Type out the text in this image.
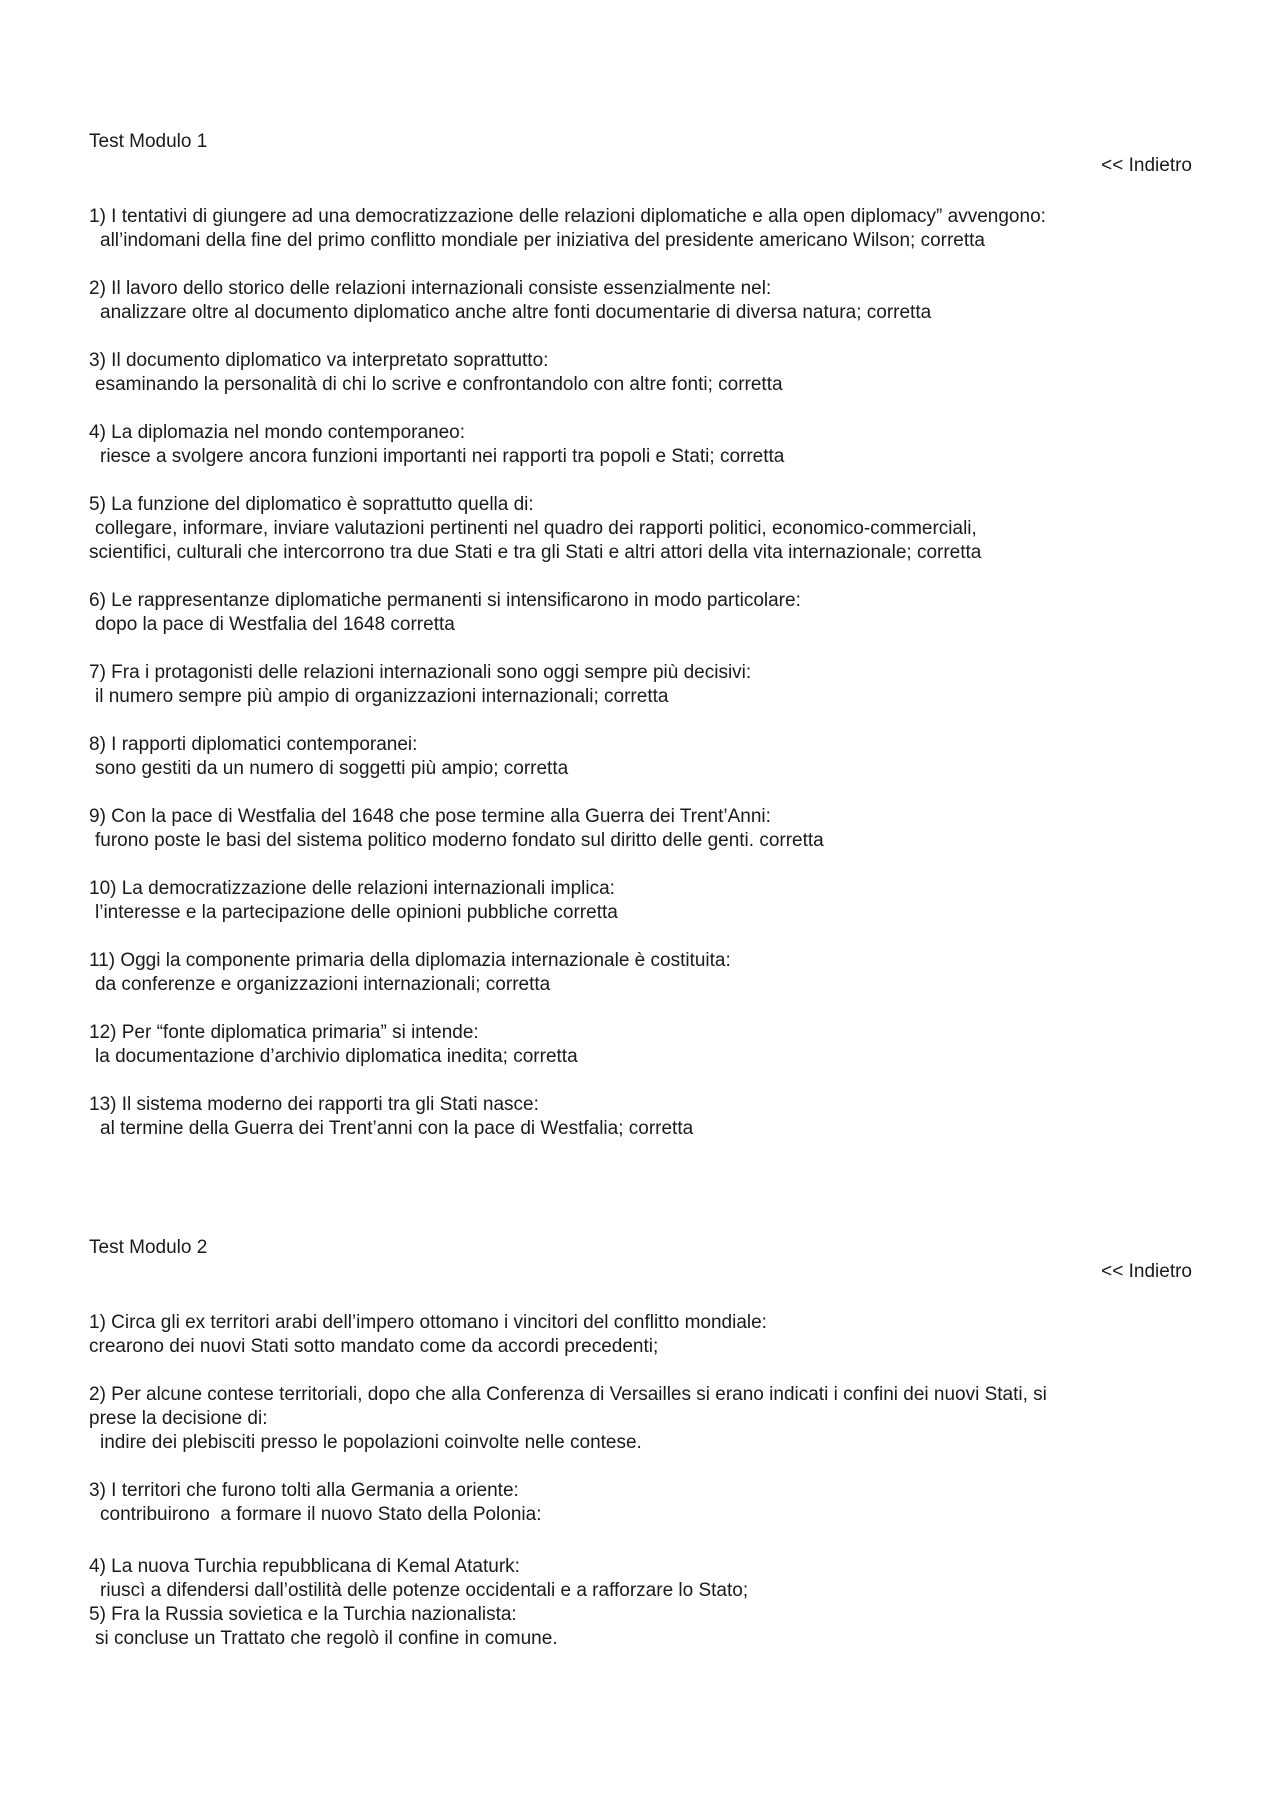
Test Modulo 1
<< Indietro

1) I tentativi di giungere ad una democratizzazione delle relazioni diplomatiche e alla open diplomacy” avvengono:

all’indomani della fine del primo conflitto mondiale per iniziativa del presidente americano Wilson; corretta

2) Il lavoro dello storico delle relazioni internazionali consiste essenzialmente nel:

analizzare oltre al documento diplomatico anche altre fonti documentarie di diversa natura; corretta

3) Il documento diplomatico va interpretato soprattutto:

esaminando la personalità di chi lo scrive e confrontandolo con altre fonti; corretta

4) La diplomazia nel mondo contemporaneo:

riesce a svolgere ancora funzioni importanti nei rapporti tra popoli e Stati; corretta

5) La funzione del diplomatico è soprattutto quella di:

collegare, informare, inviare valutazioni pertinenti nel quadro dei rapporti politici, economico-commerciali,

scientifici, culturali che intercorrono tra due Stati e tra gli Stati e altri attori della vita internazionale; corretta

6) Le rappresentanze diplomatiche permanenti si intensificarono in modo particolare:

dopo la pace di Westfalia del 1648 corretta

7) Fra i protagonisti delle relazioni internazionali sono oggi sempre più decisivi:

il numero sempre più ampio di organizzazioni internazionali; corretta

8) I rapporti diplomatici contemporanei:

sono gestiti da un numero di soggetti più ampio; corretta

9) Con la pace di Westfalia del 1648 che pose termine alla Guerra dei Trent’Anni:

furono poste le basi del sistema politico moderno fondato sul diritto delle genti. corretta

10) La democratizzazione delle relazioni internazionali implica:

l’interesse e la partecipazione delle opinioni pubbliche corretta

11) Oggi la componente primaria della diplomazia internazionale è costituita:

da conferenze e organizzazioni internazionali; corretta

12) Per “fonte diplomatica primaria” si intende:

la documentazione d’archivio diplomatica inedita; corretta

13) Il sistema moderno dei rapporti tra gli Stati nasce:

al termine della Guerra dei Trent’anni con la pace di Westfalia; corretta

Test Modulo 2
<< Indietro

1) Circa gli ex territori arabi dell’impero ottomano i vincitori del conflitto mondiale:

crearono dei nuovi Stati sotto mandato come da accordi precedenti;

2) Per alcune contese territoriali, dopo che alla Conferenza di Versailles si erano indicati i confini dei nuovi Stati, si

prese la decisione di:

indire dei plebisciti presso le popolazioni coinvolte nelle contese.

3) I territori che furono tolti alla Germania a oriente:

contribuirono  a formare il nuovo Stato della Polonia:

4) La nuova Turchia repubblicana di Kemal Ataturk:

riuscì a difendersi dall’ostilità delle potenze occidentali e a rafforzare lo Stato;

5) Fra la Russia sovietica e la Turchia nazionalista:

si concluse un Trattato che regolò il confine in comune.
